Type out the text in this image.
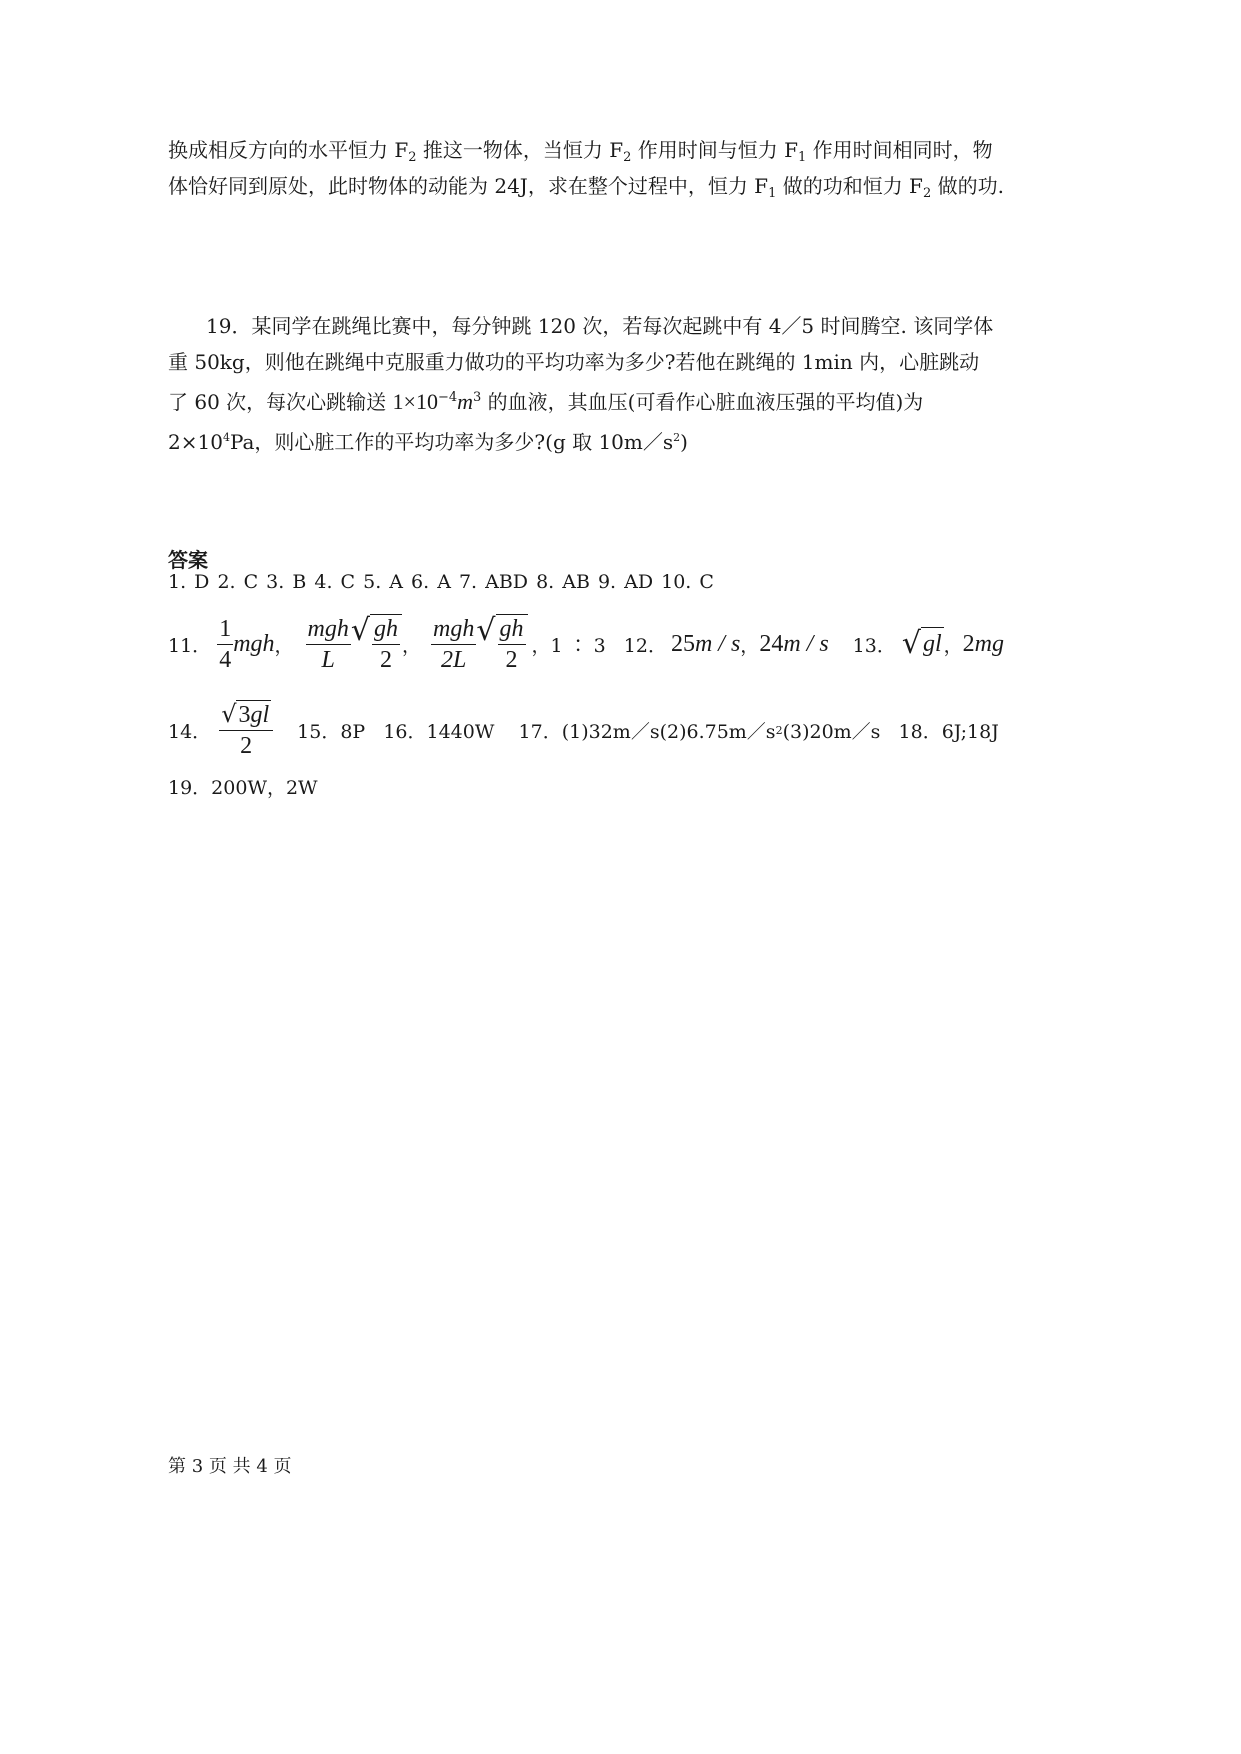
换成相反方向的水平恒力 $F_2$ 推这一物体，当恒力 $F_2$ 作用时间与恒力 $F_1$ 作用时间相同时，物
体恰好同到原处，此时物体的动能为 24J，求在整个过程中，恒力 $F_1$ 做的功和恒力 $F_2$ 做的功.
19．某同学在跳绳比赛中，每分钟跳 120 次，若每次起跳中有 4／5 时间腾空. 该同学体
重 50kg，则他在跳绳中克服重力做功的平均功率为多少?若他在跳绳的 1min 内，心脏跳动
了 60 次，每次心跳输送 $1\times 10^{-4}m^3$ 的血液，其血压(可看作心脏血液压强的平均值)为
$2\times 10^4Pa$，则心脏工作的平均功率为多少?(g 取 $10m/s^2$)
答案
1. D 2. C 3. B 4. C 5. A 6. A 7. ABD 8. AB 9. AD 10. C
11． $\frac{1}{4}$ mgh ， $\frac{\text{mgh}}{L}$ √ $\frac{gh}{2}$ ， $\frac{\text{mgh}}{2L}$ √ $\frac{gh}{2}$ ，1 ∶ 3 12． 25 m / s ， 24 m / s 13． √ gl ， 2 mg
14． $\frac{√ 3gl}{2} 15$．8P   16．1440W    17．(1)32m／s(2)6.75m／s 2 (3)20m／s   18．6J;18J
19．200W，2W
第 3 页 共 4 页
